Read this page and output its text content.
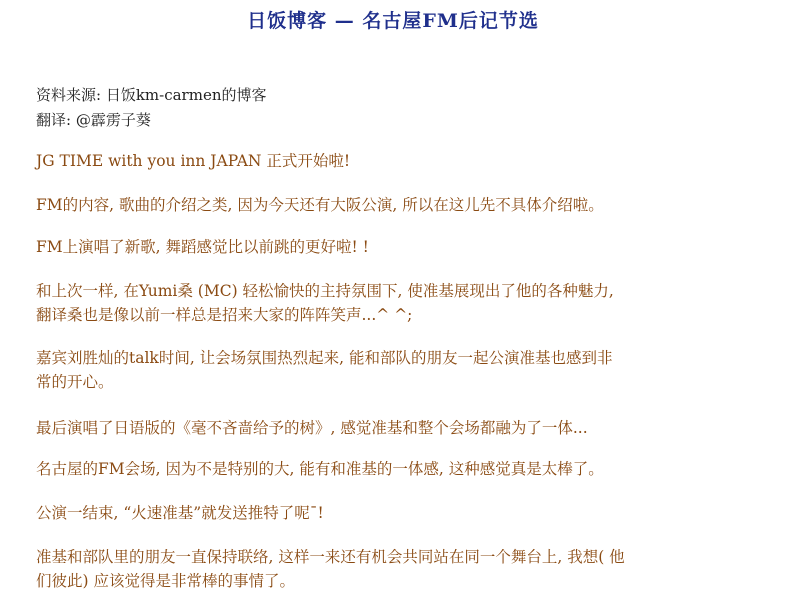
日饭博客 — 名古屋FM后记节选
资料来源: 日饭km-carmen的博客
翻译: @霹雳子葵
JG TIME with you inn JAPAN 正式开始啦!
FM的内容, 歌曲的介绍之类, 因为今天还有大阪公演, 所以在这儿先不具体介绍啦。
FM上演唱了新歌, 舞蹈感觉比以前跳的更好啦! !
和上次一样, 在Yumi桑 (MC) 轻松愉快的主持氛围下, 使准基展现出了他的各种魅力,
翻译桑也是像以前一样总是招来大家的阵阵笑声...^ ^;
嘉宾刘胜灿的talk时间, 让会场氛围热烈起来, 能和部队的朋友一起公演准基也感到非
常的开心。
最后演唱了日语版的《毫不吝啬给予的树》, 感觉准基和整个会场都融为了一体...
名古屋的FM会场, 因为不是特别的大, 能有和准基的一体感, 这种感觉真是太棒了。
公演一结束, “火速准基”就发送推特了呢¯!
准基和部队里的朋友一直保持联络, 这样一来还有机会共同站在同一个舞台上, 我想( 他
们彼此) 应该觉得是非常棒的事情了。
